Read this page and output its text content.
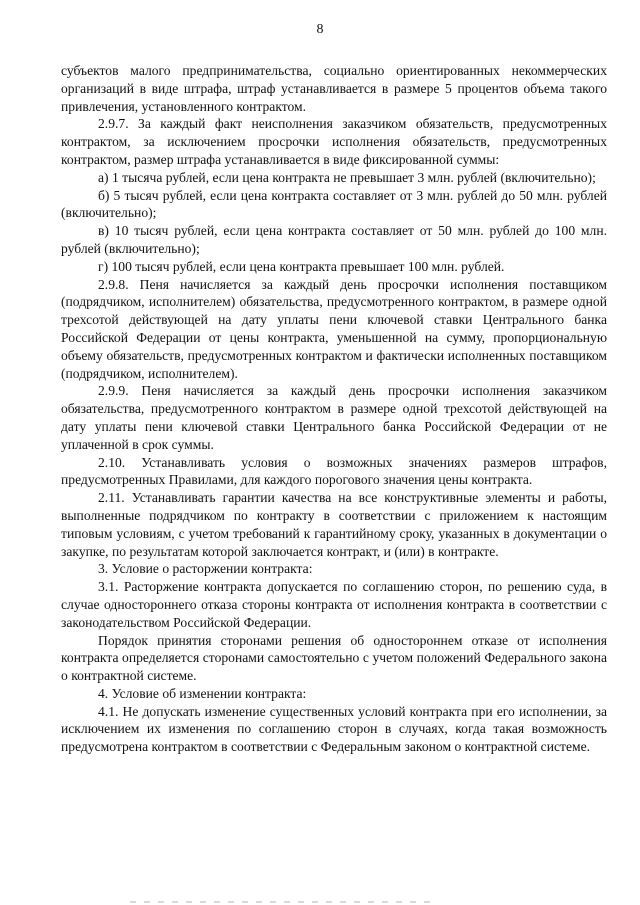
8

субъектов малого предпринимательства, социально ориентированных некоммерческих организаций в виде штрафа, штраф устанавливается в размере 5 процентов объема такого привлечения, установленного контрактом.

2.9.7. За каждый факт неисполнения заказчиком обязательств, предусмотренных контрактом, за исключением просрочки исполнения обязательств, предусмотренных контрактом, размер штрафа устанавливается в виде фиксированной суммы:

а) 1 тысяча рублей, если цена контракта не превышает 3 млн. рублей (включительно);

б) 5 тысяч рублей, если цена контракта составляет от 3 млн. рублей до 50 млн. рублей (включительно);

в) 10 тысяч рублей, если цена контракта составляет от 50 млн. рублей до 100 млн. рублей (включительно);

г) 100 тысяч рублей, если цена контракта превышает 100 млн. рублей.

2.9.8. Пеня начисляется за каждый день просрочки исполнения поставщиком (подрядчиком, исполнителем) обязательства, предусмотренного контрактом, в размере одной трехсотой действующей на дату уплаты пени ключевой ставки Центрального банка Российской Федерации от цены контракта, уменьшенной на сумму, пропорциональную объему обязательств, предусмотренных контрактом и фактически исполненных поставщиком (подрядчиком, исполнителем).

2.9.9. Пеня начисляется за каждый день просрочки исполнения заказчиком обязательства, предусмотренного контрактом в размере одной трехсотой действующей на дату уплаты пени ключевой ставки Центрального банка Российской Федерации от не уплаченной в срок суммы.

2.10. Устанавливать условия о возможных значениях размеров штрафов, предусмотренных Правилами, для каждого порогового значения цены контракта.

2.11. Устанавливать гарантии качества на все конструктивные элементы и работы, выполненные подрядчиком по контракту в соответствии с приложением к настоящим типовым условиям, с учетом требований к гарантийному сроку, указанных в документации о закупке, по результатам которой заключается контракт, и (или) в контракте.

3. Условие о расторжении контракта:

3.1. Расторжение контракта допускается по соглашению сторон, по решению суда, в случае одностороннего отказа стороны контракта от исполнения контракта в соответствии с законодательством Российской Федерации.

Порядок принятия сторонами решения об одностороннем отказе от исполнения контракта определяется сторонами самостоятельно с учетом положений Федерального закона о контрактной системе.

4. Условие об изменении контракта:

4.1. Не допускать изменение существенных условий контракта при его исполнении, за исключением их изменения по соглашению сторон в случаях, когда такая возможность предусмотрена контрактом в соответствии с Федеральным законом о контрактной системе.
